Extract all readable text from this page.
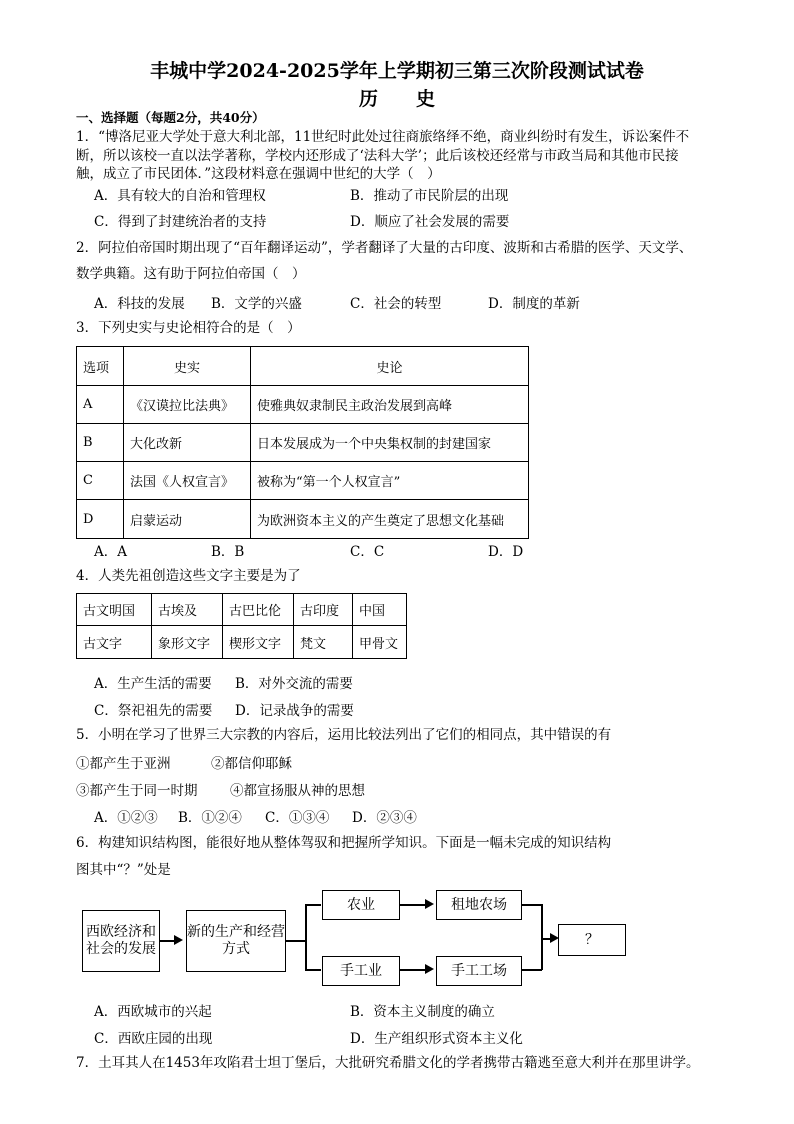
丰城中学2024-2025学年上学期初三第三次阶段测试试卷
历　　史
一、选择题（每题2分，共40分）
1．“博洛尼亚大学处于意大利北部，11世纪时此处过往商旅络绎不绝，商业纠纷时有发生，诉讼案件不
断，所以该校一直以法学著称，学校内还形成了‘法科大学’；此后该校还经常与市政当局和其他市民接
触，成立了市民团体．”这段材料意在强调中世纪的大学（　）
A．具有较大的自治和管理权	B．推动了市民阶层的出现
C．得到了封建统治者的支持	D．顺应了社会发展的需要
2．阿拉伯帝国时期出现了“百年翻译运动”，学者翻译了大量的古印度、波斯和古希腊的医学、天文学、
数学典籍。这有助于阿拉伯帝国（　）
A．科技的发展 B．文学的兴盛	C．社会的转型	D．制度的革新
3．下列史实与史论相符合的是（　）
选项	史实	史论
A	《汉谟拉比法典》	使雅典奴隶制民主政治发展到高峰
B	大化改新	日本发展成为一个中央集权制的封建国家
C	法国《人权宣言》	被称为“第一个人权宣言”
D	启蒙运动	为欧洲资本主义的产生奠定了思想文化基础
A．A	B．B	C．C	D．D
4．人类先祖创造这些文字主要是为了
古文明国	古埃及	古巴比伦	古印度	中国
古文字	象形文字	楔形文字	梵文	甲骨文
A．生产生活的需要 B．对外交流的需要
C．祭祀祖先的需要 D．记录战争的需要
5．小明在学习了世界三大宗教的内容后，运用比较法列出了它们的相同点，其中错误的有
①都产生于亚洲	②都信仰耶稣
③都产生于同一时期 ④都宣扬服从神的思想
A．①②③ B．①②④ C．①③④ D．②③④
6．构建知识结构图，能很好地从整体驾驭和把握所学知识。下面是一幅未完成的知识结构
图其中“？”处是
西欧经济和社会的发展
新的生产和经营方式
农业	租地农场
手工业	手工工场
？
A．西欧城市的兴起	B．资本主义制度的确立
C．西欧庄园的出现	D．生产组织形式资本主义化
7．土耳其人在1453年攻陷君士坦丁堡后，大批研究希腊文化的学者携带古籍逃至意大利并在那里讲学。
